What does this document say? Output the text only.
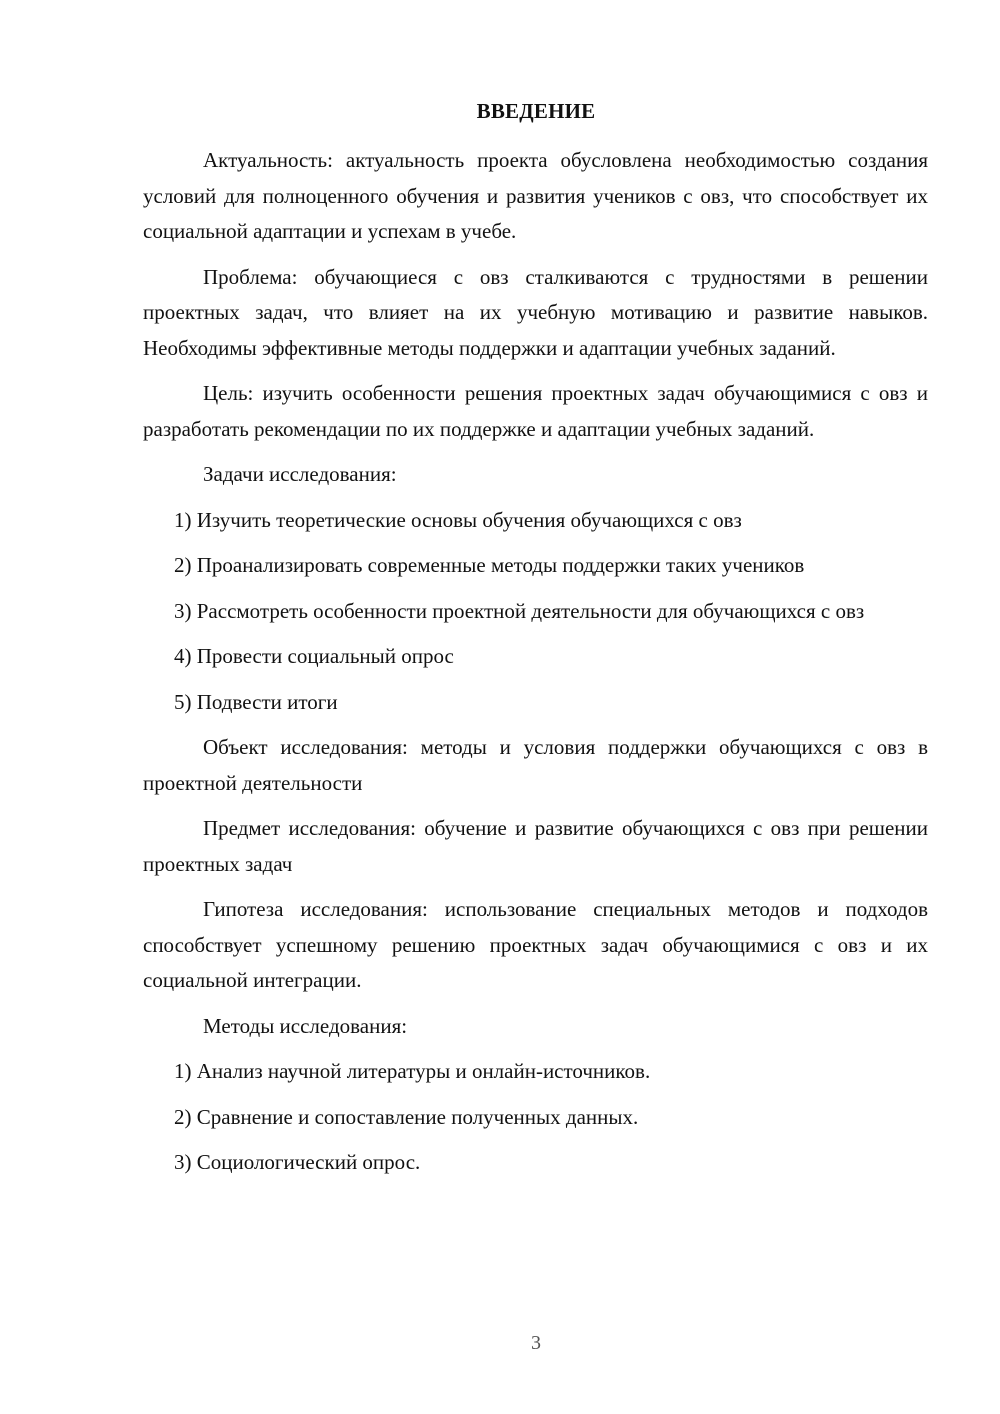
ВВЕДЕНИЕ

Актуальность: актуальность проекта обусловлена необходимостью создания условий для полноценного обучения и развития учеников с овз, что способствует их социальной адаптации и успехам в учебе.

Проблема: обучающиеся с овз сталкиваются с трудностями в решении проектных задач, что влияет на их учебную мотивацию и развитие навыков. Необходимы эффективные методы поддержки и адаптации учебных заданий.

Цель: изучить особенности решения проектных задач обучающимися с овз и разработать рекомендации по их поддержке и адаптации учебных заданий.

Задачи исследования:

1) Изучить теоретические основы обучения обучающихся с овз

2) Проанализировать современные методы поддержки таких учеников

3) Рассмотреть особенности проектной деятельности для обучающихся с овз

4) Провести социальный опрос

5) Подвести итоги

Объект исследования: методы и условия поддержки обучающихся с овз в проектной деятельности

Предмет исследования: обучение и развитие обучающихся с овз при решении проектных задач

Гипотеза исследования: использование специальных методов и подходов способствует успешному решению проектных задач обучающимися с овз и их социальной интеграции.

Методы исследования:

1) Анализ научной литературы и онлайн-источников.

2) Сравнение и сопоставление полученных данных.

3) Социологический опрос.

3
